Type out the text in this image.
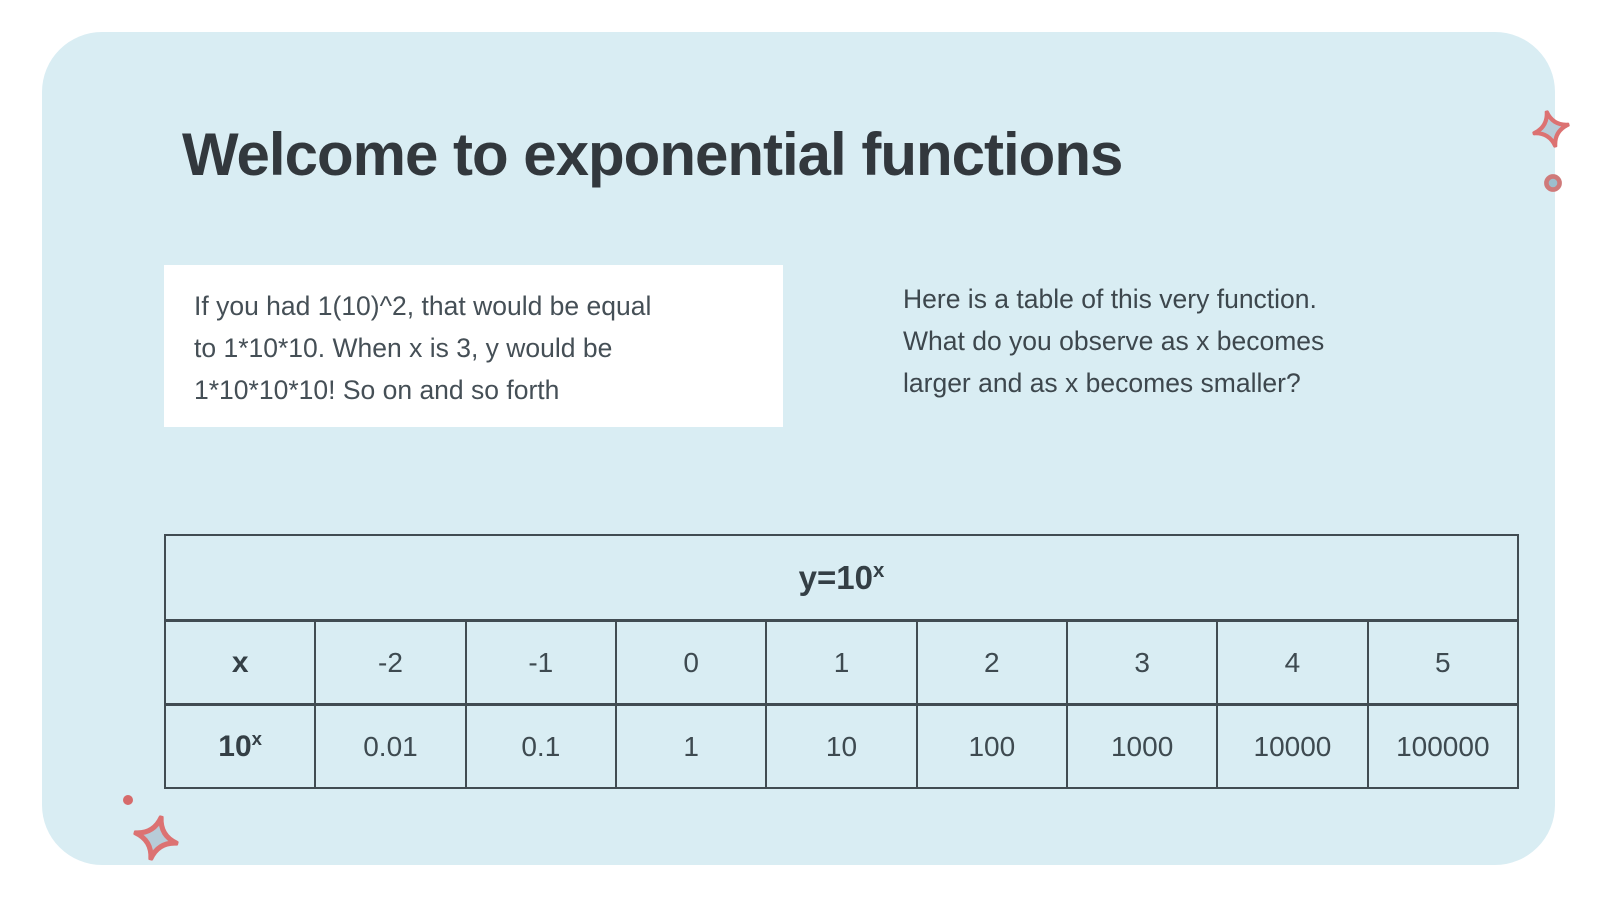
Welcome to exponential functions
If you had 1(10)^2, that would be equal
to 1*10*10. When x is 3, y would be
1*10*10*10! So on and so forth
Here is a table of this very function.
What do you observe as x becomes
larger and as x becomes smaller?
$y=10^x$
x	-2	-1	0	1	2	3	4	5
10$^x$	0.01	0.1	1	10	100	1000	10000	100000
